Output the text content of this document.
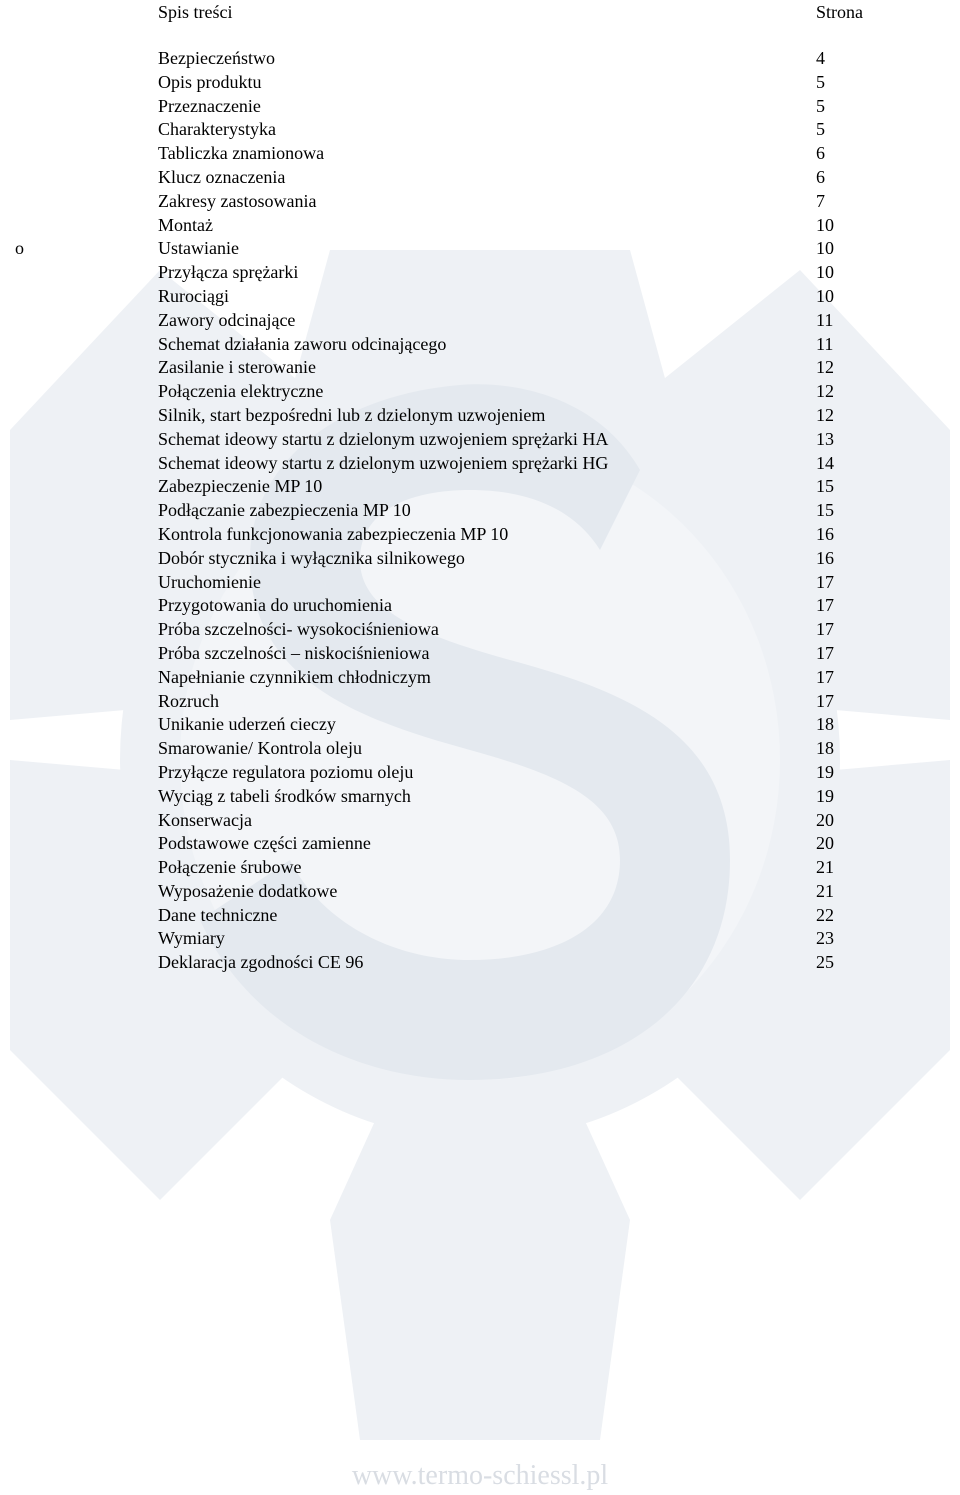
Spis treści	Strona
Bezpieczeństwo	4
Opis produktu	5
Przeznaczenie	5
Charakterystyka	5
Tabliczka znamionowa	6
Klucz oznaczenia	6
Zakresy zastosowania	7
Montaż	10
o	Ustawianie	10
Przyłącza sprężarki	10
Rurociągi	10
Zawory odcinające	11
Schemat działania zaworu odcinającego	11
Zasilanie i sterowanie	12
Połączenia elektryczne	12
Silnik, start bezpośredni lub z dzielonym uzwojeniem	12
Schemat ideowy startu z dzielonym uzwojeniem sprężarki HA	13
Schemat ideowy startu z dzielonym uzwojeniem sprężarki HG	14
Zabezpieczenie MP 10	15
Podłączanie zabezpieczenia MP 10	15
Kontrola funkcjonowania zabezpieczenia MP 10	16
Dobór stycznika i wyłącznika silnikowego	16
Uruchomienie	17
Przygotowania do uruchomienia	17
Próba szczelności- wysokociśnieniowa	17
Próba szczelności – niskociśnieniowa	17
Napełnianie czynnikiem chłodniczym	17
Rozruch	17
Unikanie uderzeń cieczy	18
Smarowanie/ Kontrola oleju	18
Przyłącze regulatora poziomu oleju	19
Wyciąg z tabeli środków smarnych	19
Konserwacja	20
Podstawowe części zamienne	20
Połączenie śrubowe	21
Wyposażenie dodatkowe	21
Dane techniczne	22
Wymiary	23
Deklaracja zgodności CE 96	25
www.termo-schiessl.pl
